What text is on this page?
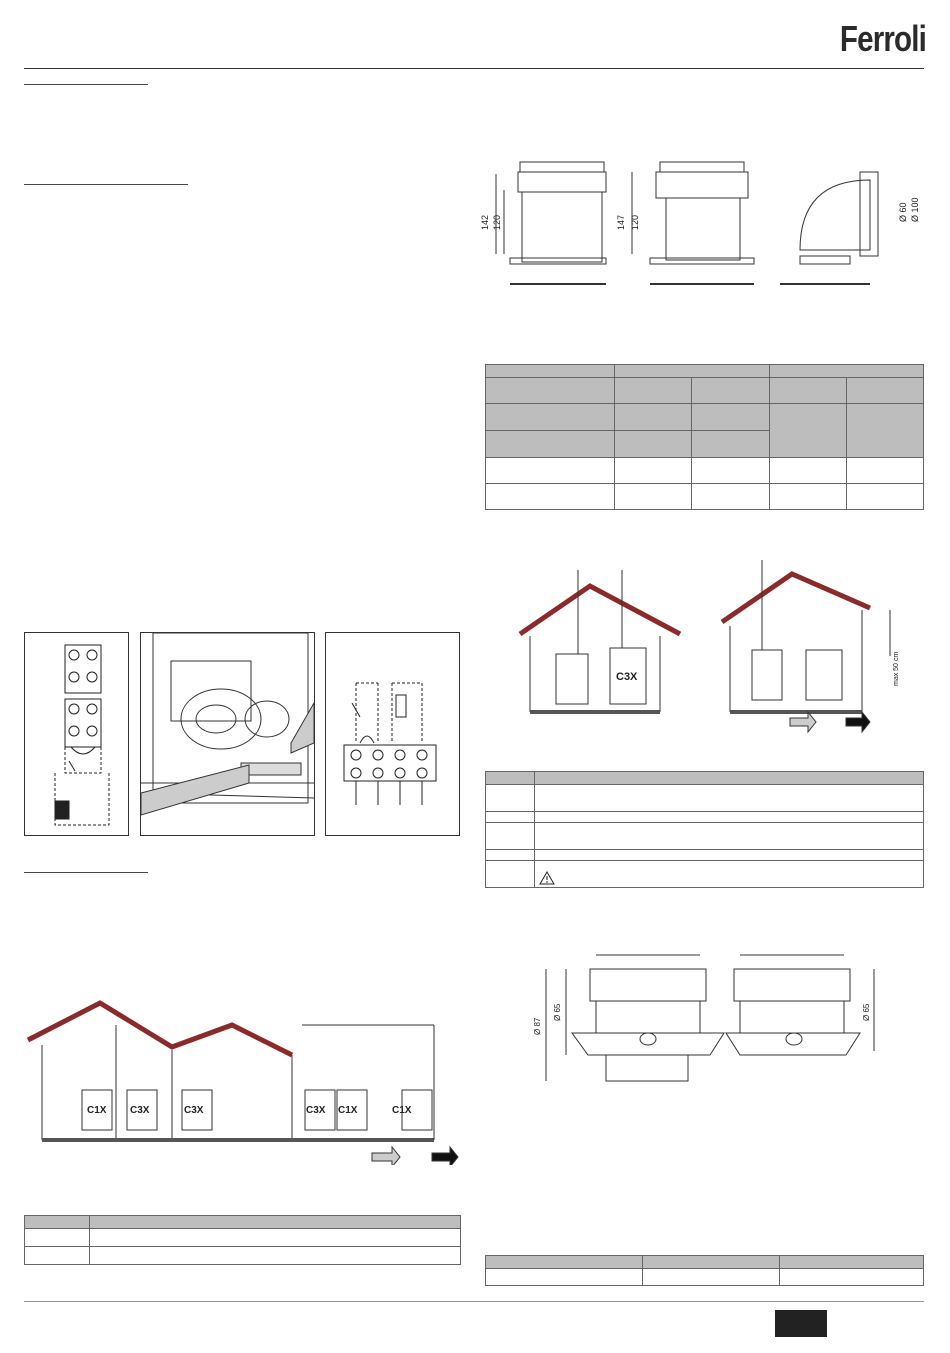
Ferroli
C1X C3X	C3X	C3X C1X	C1X

142 120	147 120
Ø 60 Ø 100

C3X	max 50 cm

Ø 87
Ø 65	Ø 65
